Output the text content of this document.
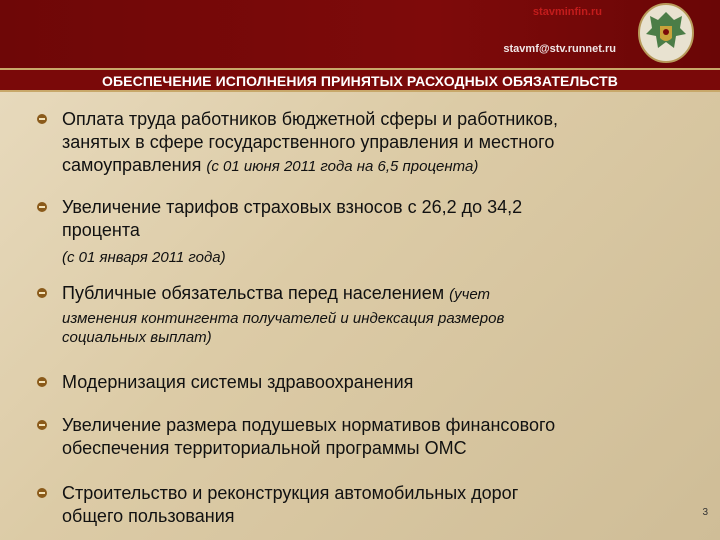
stavminfin.ru
stavmf@stv.runnet.ru
ОБЕСПЕЧЕНИЕ ИСПОЛНЕНИЯ ПРИНЯТЫХ РАСХОДНЫХ ОБЯЗАТЕЛЬСТВ
Оплата труда работников бюджетной сферы и работников,
занятых в сфере государственного управления и местного
самоуправления (с 01 июня 2011 года на 6,5 процента)
Увеличение тарифов страховых взносов с 26,2 до 34,2
процента
(с 01 января 2011 года)
Публичные обязательства перед населением (учет
изменения контингента получателей и индексация размеров
социальных выплат)
Модернизация системы здравоохранения
Увеличение размера подушевых нормативов финансового
обеспечения территориальной программы ОМС
Строительство и реконструкция автомобильных дорог
общего пользования	3
